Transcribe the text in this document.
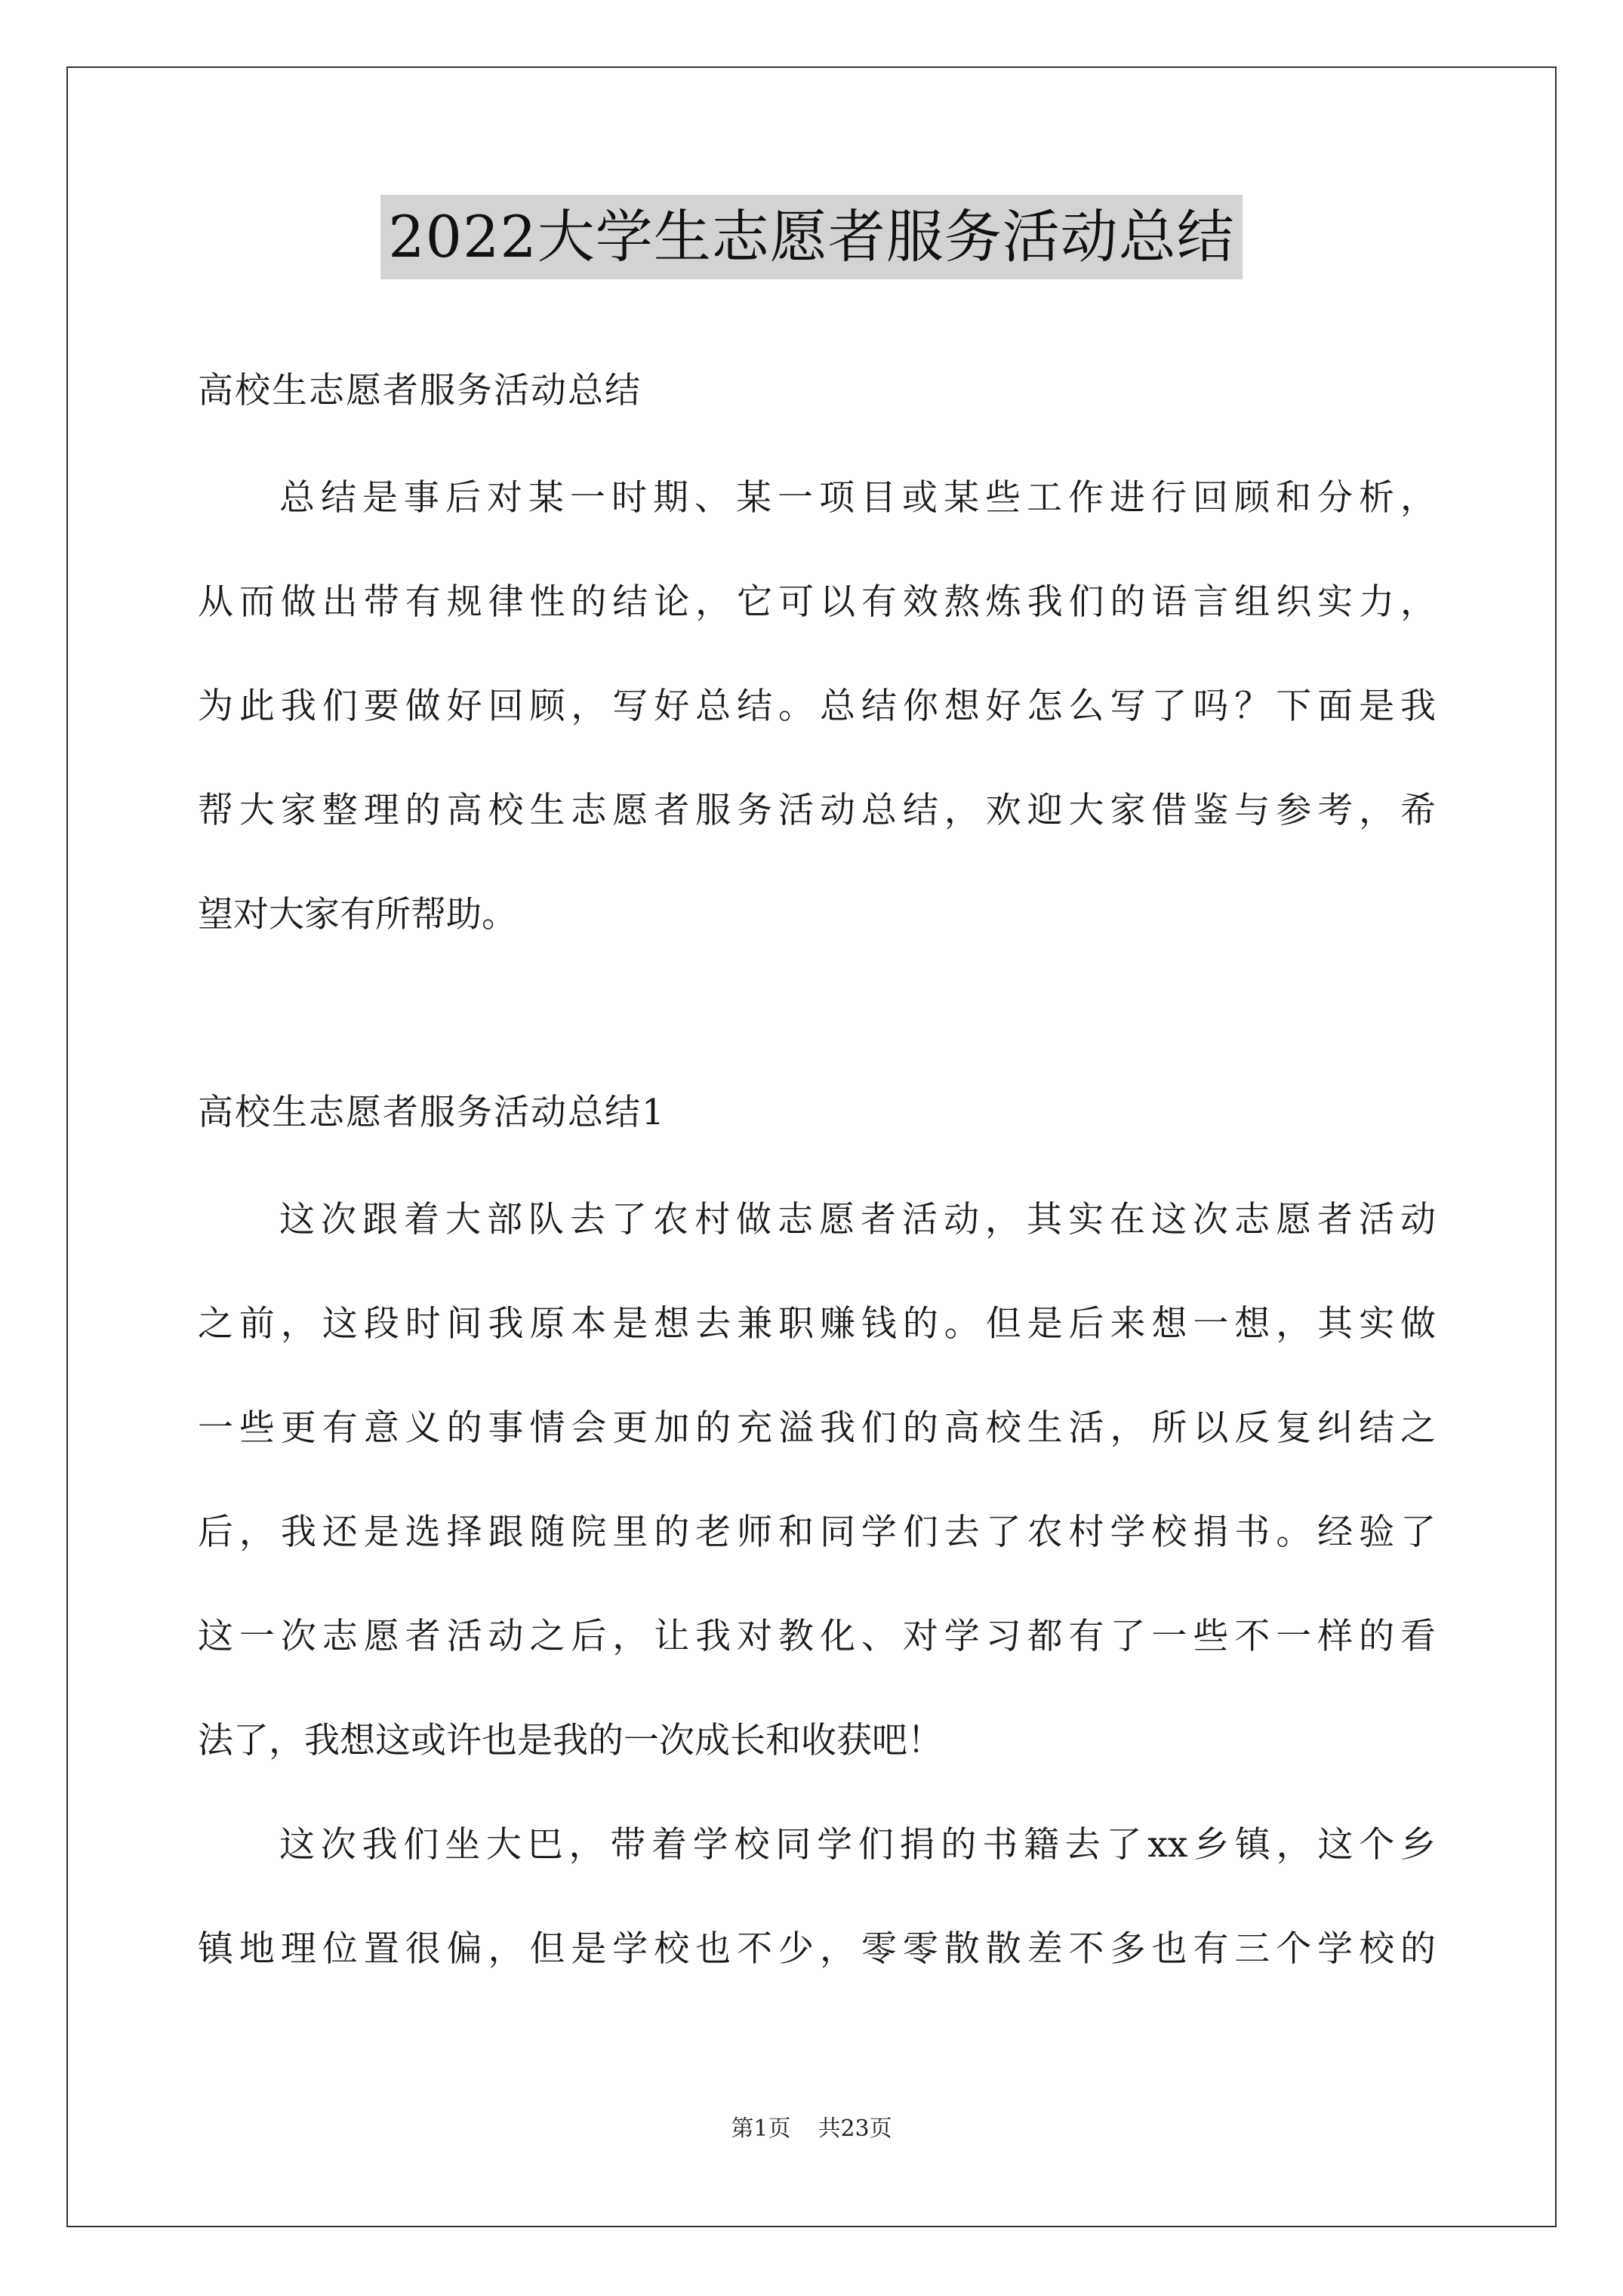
2022大学生志愿者服务活动总结
高校生志愿者服务活动总结
总结是事后对某一时期、某一项目或某些工作进行回顾和分析，
从而做出带有规律性的结论，它可以有效熬炼我们的语言组织实力，
为此我们要做好回顾，写好总结。总结你想好怎么写了吗？下面是我
帮大家整理的高校生志愿者服务活动总结，欢迎大家借鉴与参考，希
望对大家有所帮助。
高校生志愿者服务活动总结1
这次跟着大部队去了农村做志愿者活动，其实在这次志愿者活动
之前，这段时间我原本是想去兼职赚钱的。但是后来想一想，其实做
一些更有意义的事情会更加的充溢我们的高校生活，所以反复纠结之
后，我还是选择跟随院里的老师和同学们去了农村学校捐书。经验了
这一次志愿者活动之后，让我对教化、对学习都有了一些不一样的看
法了，我想这或许也是我的一次成长和收获吧！
这次我们坐大巴，带着学校同学们捐的书籍去了xx乡镇，这个乡
镇地理位置很偏，但是学校也不少，零零散散差不多也有三个学校的
第1页 共23页
